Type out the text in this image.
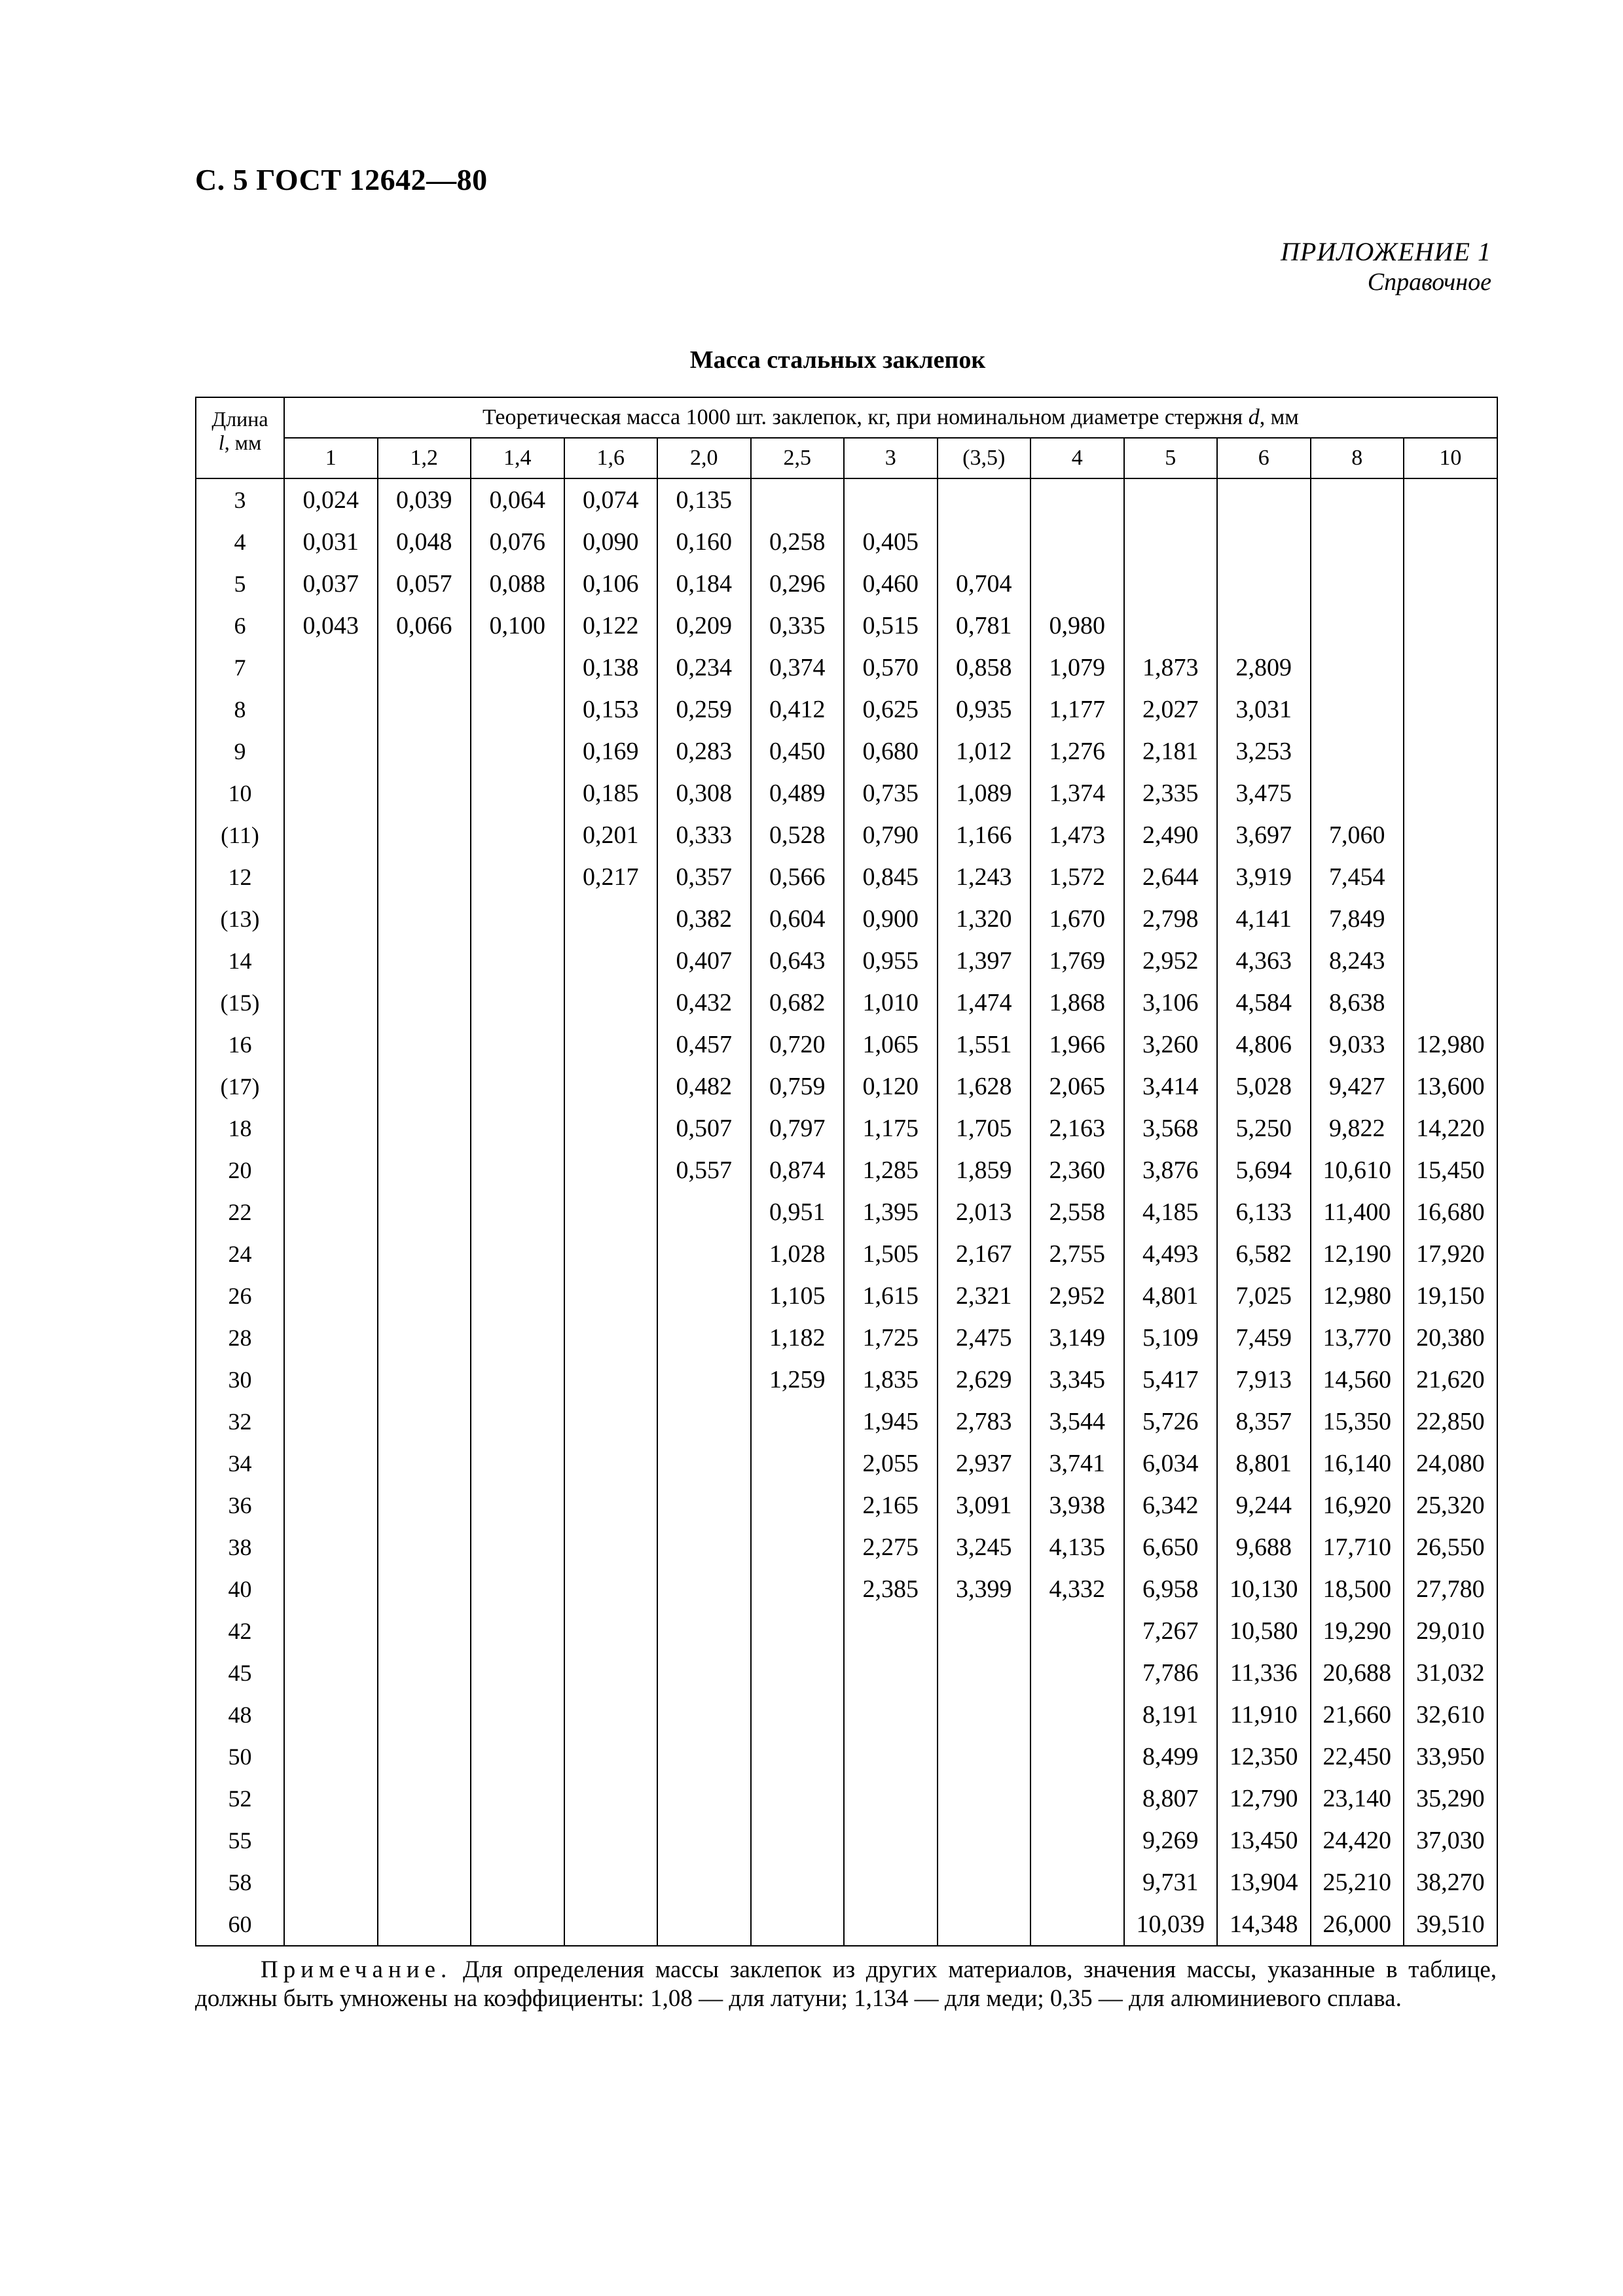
С. 5 ГОСТ 12642—80
ПРИЛОЖЕНИЕ 1
Справочное
Масса стальных заклепок
Длина
l, мм	Теоретическая масса 1000 шт. заклепок, кг, при номинальном диаметре стержня d, мм												
	1	1,2	1,4	1,6	2,0	2,5	3	(3,5)	4	5	6	8	10
3	0,024	0,039	0,064	0,074	0,135								
4	0,031	0,048	0,076	0,090	0,160	0,258	0,405						
5	0,037	0,057	0,088	0,106	0,184	0,296	0,460	0,704					
6	0,043	0,066	0,100	0,122	0,209	0,335	0,515	0,781	0,980				
7				0,138	0,234	0,374	0,570	0,858	1,079	1,873	2,809		
8				0,153	0,259	0,412	0,625	0,935	1,177	2,027	3,031		
9				0,169	0,283	0,450	0,680	1,012	1,276	2,181	3,253		
10				0,185	0,308	0,489	0,735	1,089	1,374	2,335	3,475		
(11)				0,201	0,333	0,528	0,790	1,166	1,473	2,490	3,697	7,060	
12				0,217	0,357	0,566	0,845	1,243	1,572	2,644	3,919	7,454	
(13)					0,382	0,604	0,900	1,320	1,670	2,798	4,141	7,849	
14					0,407	0,643	0,955	1,397	1,769	2,952	4,363	8,243	
(15)					0,432	0,682	1,010	1,474	1,868	3,106	4,584	8,638	
16					0,457	0,720	1,065	1,551	1,966	3,260	4,806	9,033	12,980
(17)					0,482	0,759	0,120	1,628	2,065	3,414	5,028	9,427	13,600
18					0,507	0,797	1,175	1,705	2,163	3,568	5,250	9,822	14,220
20					0,557	0,874	1,285	1,859	2,360	3,876	5,694	10,610	15,450
22						0,951	1,395	2,013	2,558	4,185	6,133	11,400	16,680
24						1,028	1,505	2,167	2,755	4,493	6,582	12,190	17,920
26						1,105	1,615	2,321	2,952	4,801	7,025	12,980	19,150
28						1,182	1,725	2,475	3,149	5,109	7,459	13,770	20,380
30						1,259	1,835	2,629	3,345	5,417	7,913	14,560	21,620
32							1,945	2,783	3,544	5,726	8,357	15,350	22,850
34							2,055	2,937	3,741	6,034	8,801	16,140	24,080
36							2,165	3,091	3,938	6,342	9,244	16,920	25,320
38							2,275	3,245	4,135	6,650	9,688	17,710	26,550
40							2,385	3,399	4,332	6,958	10,130	18,500	27,780
42										7,267	10,580	19,290	29,010
45										7,786	11,336	20,688	31,032
48										8,191	11,910	21,660	32,610
50										8,499	12,350	22,450	33,950
52										8,807	12,790	23,140	35,290
55										9,269	13,450	24,420	37,030
58										9,731	13,904	25,210	38,270
60										10,039	14,348	26,000	39,510
Примечание. Для определения массы заклепок из других материалов, значения массы, указанные в таблице, должны быть умножены на коэффициенты: 1,08 — для латуни; 1,134 — для меди; 0,35 — для алюминиевого сплава.
